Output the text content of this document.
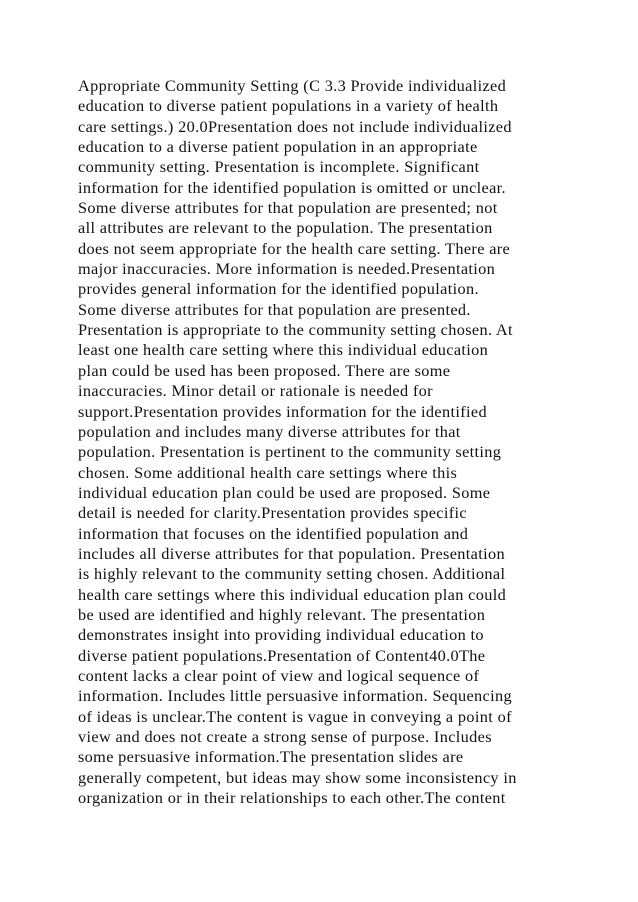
Appropriate Community Setting (C 3.3 Provide individualized
education to diverse patient populations in a variety of health
care settings.) 20.0Presentation does not include individualized
education to a diverse patient population in an appropriate
community setting. Presentation is incomplete. Significant
information for the identified population is omitted or unclear.
Some diverse attributes for that population are presented; not
all attributes are relevant to the population. The presentation
does not seem appropriate for the health care setting. There are
major inaccuracies. More information is needed.Presentation
provides general information for the identified population.
Some diverse attributes for that population are presented.
Presentation is appropriate to the community setting chosen. At
least one health care setting where this individual education
plan could be used has been proposed. There are some
inaccuracies. Minor detail or rationale is needed for
support.Presentation provides information for the identified
population and includes many diverse attributes for that
population. Presentation is pertinent to the community setting
chosen. Some additional health care settings where this
individual education plan could be used are proposed. Some
detail is needed for clarity.Presentation provides specific
information that focuses on the identified population and
includes all diverse attributes for that population. Presentation
is highly relevant to the community setting chosen. Additional
health care settings where this individual education plan could
be used are identified and highly relevant. The presentation
demonstrates insight into providing individual education to
diverse patient populations.Presentation of Content40.0The
content lacks a clear point of view and logical sequence of
information. Includes little persuasive information. Sequencing
of ideas is unclear.The content is vague in conveying a point of
view and does not create a strong sense of purpose. Includes
some persuasive information.The presentation slides are
generally competent, but ideas may show some inconsistency in
organization or in their relationships to each other.The content
